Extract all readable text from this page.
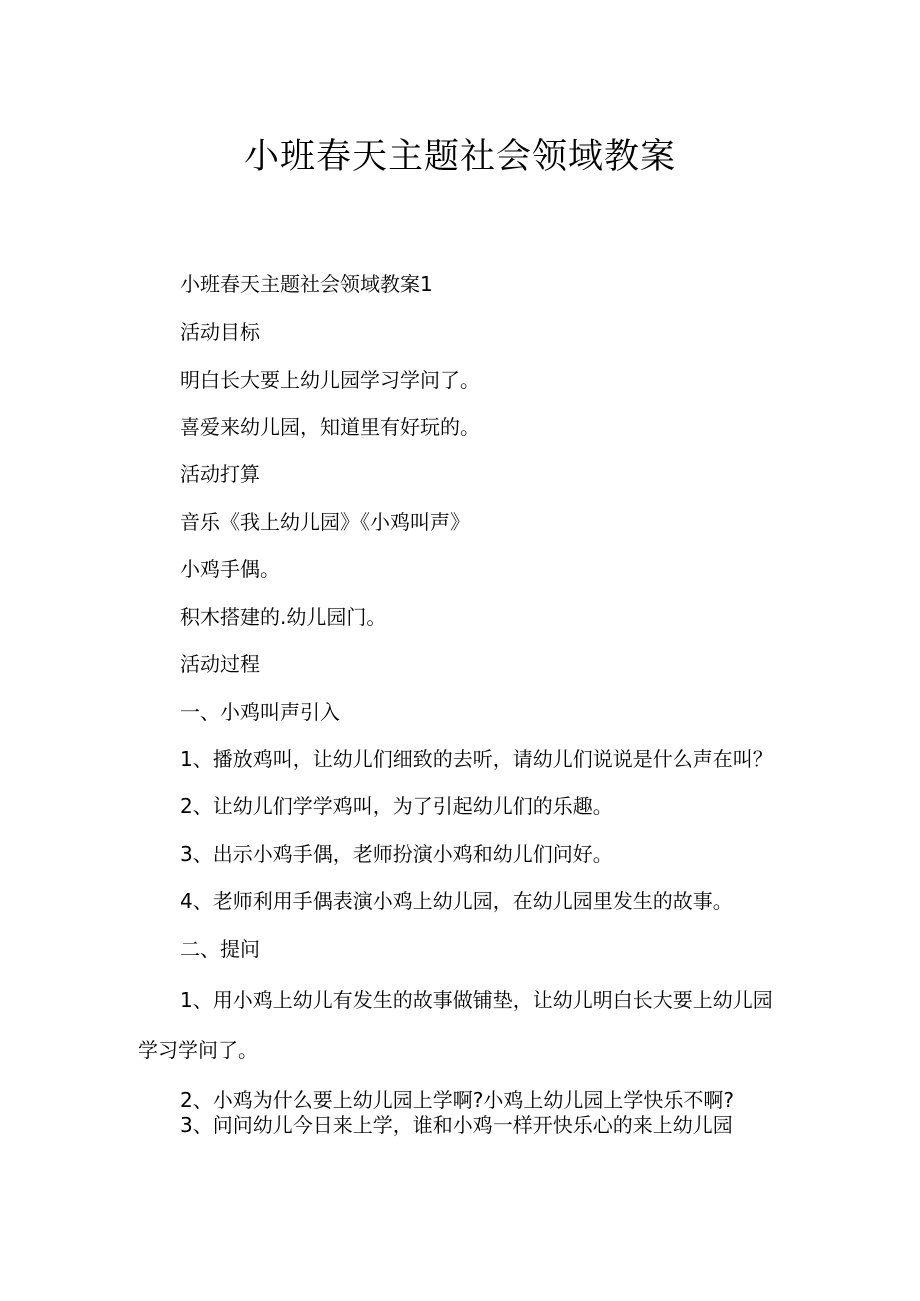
小班春天主题社会领域教案
小班春天主题社会领域教案1
活动目标
明白长大要上幼儿园学习学问了。
喜爱来幼儿园，知道里有好玩的。
活动打算
音乐《我上幼儿园》《小鸡叫声》
小鸡手偶。
积木搭建的.幼儿园门。
活动过程
一、小鸡叫声引入
1、播放鸡叫，让幼儿们细致的去听，请幼儿们说说是什么声在叫？
2、让幼儿们学学鸡叫，为了引起幼儿们的乐趣。
3、出示小鸡手偶，老师扮演小鸡和幼儿们问好。
4、老师利用手偶表演小鸡上幼儿园，在幼儿园里发生的故事。
二、提问
1、用小鸡上幼儿有发生的故事做铺垫，让幼儿明白长大要上幼儿园
学习学问了。
2、小鸡为什么要上幼儿园上学啊?小鸡上幼儿园上学快乐不啊?
3、问问幼儿今日来上学，谁和小鸡一样开快乐心的来上幼儿园
